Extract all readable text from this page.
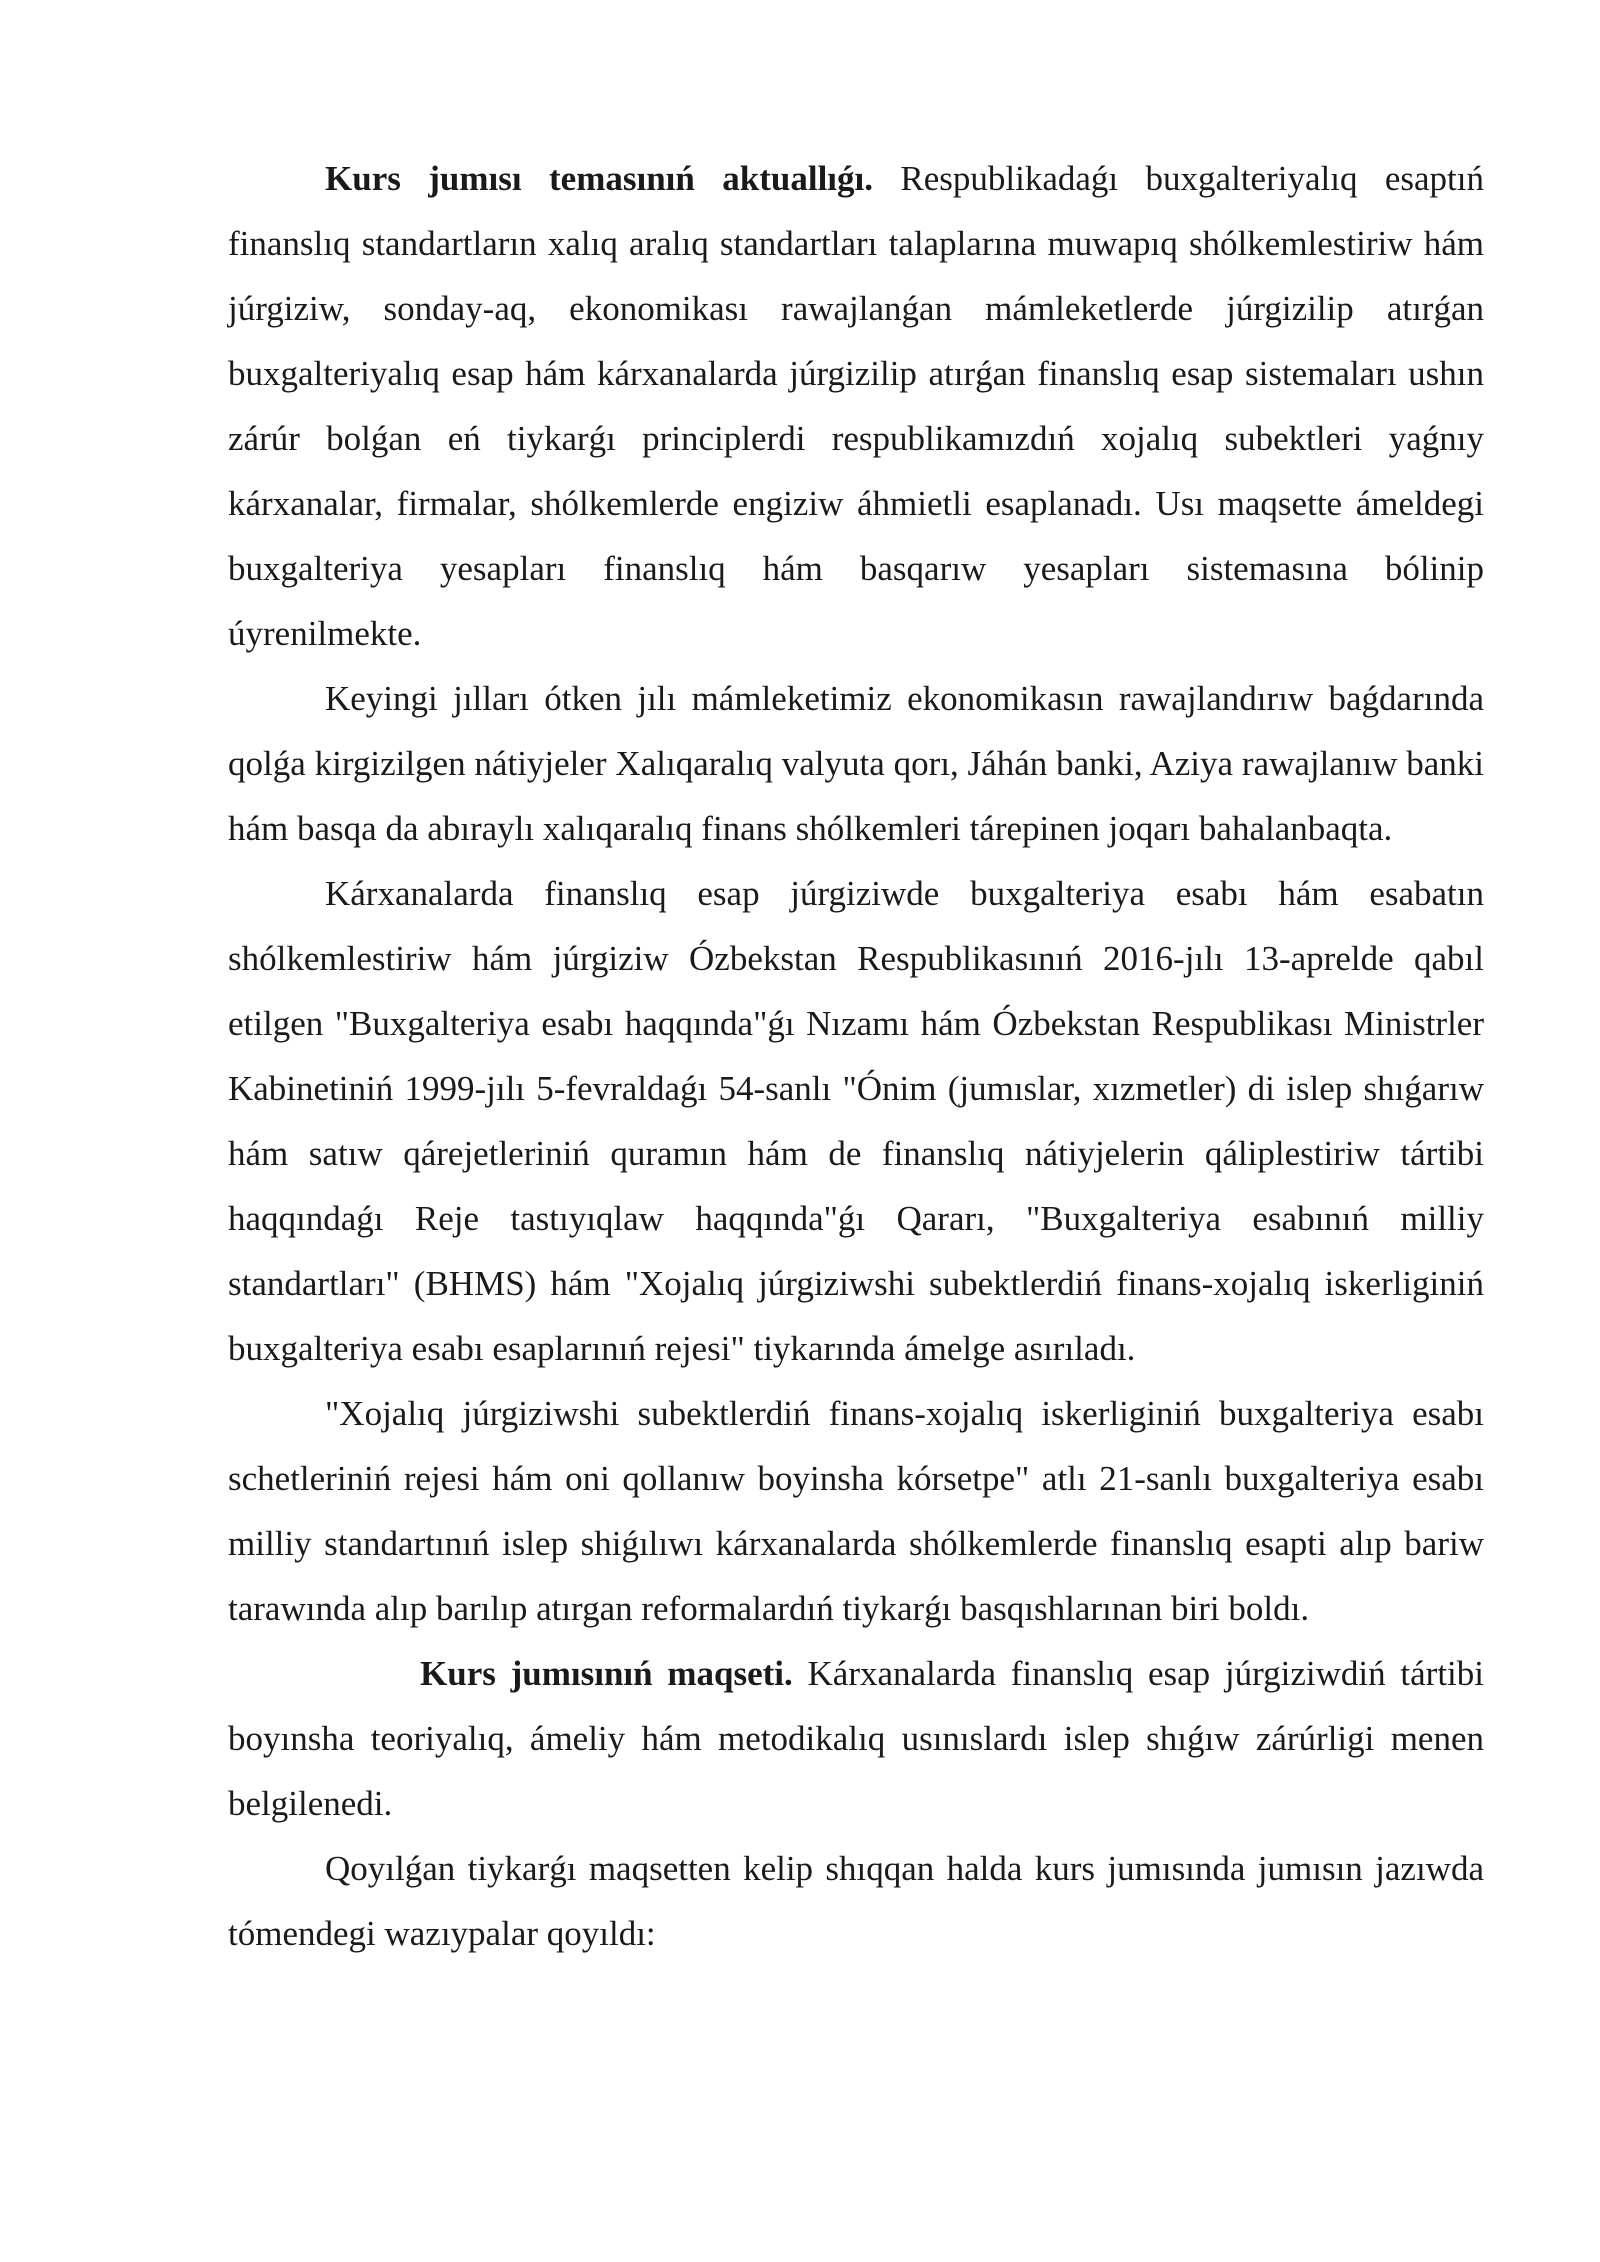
Kurs jumısı temasınıń aktuallıǵı. Respublikadaǵı buxgalteriyalıq esaptıń finanslıq standartların xalıq aralıq standartları talaplarına muwapıq shólkemlestiriw hám júrgiziw, sonday-aq, ekonomikası rawajlanǵan mámleketlerde júrgizilip atırǵan buxgalteriyalıq esap hám kárxanalarda júrgizilip atırǵan finanslıq esap sistemaları ushın zárúr bolǵan eń tiykarǵı principlerdi respublikamızdıń xojalıq subektleri yaǵnıy kárxanalar, firmalar, shólkemlerde engiziw áhmietli esaplanadı. Usı maqsette ámeldegi buxgalteriya yesapları finanslıq hám basqarıw yesapları sistemasına bólinip úyrenilmekte.

Keyingi jılları ótken jılı mámleketimiz ekonomikasın rawajlandırıw baǵdarında qolǵa kirgizilgen nátiyjeler Xalıqaralıq valyuta qorı, Jáhán banki, Aziya rawajlanıw banki hám basqa da abıraylı xalıqaralıq finans shólkemleri tárepinen joqarı bahalanbaqta.

Kárxanalarda finanslıq esap júrgiziwde buxgalteriya esabı hám esabatın shólkemlestiriw hám júrgiziw Ózbekstan Respublikasınıń 2016-jılı 13-aprelde qabıl etilgen "Buxgalteriya esabı haqqında"ǵı Nızamı hám Ózbekstan Respublikası Ministrler Kabinetiniń 1999-jılı 5-fevraldaǵı 54-sanlı "Ónim (jumıslar, xızmetler) di islep shıǵarıw hám satıw qárejetleriniń quramın hám de finanslıq nátiyjelerin qáliplestiriw tártibi haqqındaǵı Reje tastıyıqlaw haqqında"ǵı Qararı, "Buxgalteriya esabınıń milliy standartları" (BHMS) hám "Xojalıq júrgiziwshi subektlerdiń finans-xojalıq iskerliginiń buxgalteriya esabı esaplarınıń rejesi" tiykarında ámelge asırıladı.

"Xojalıq júrgiziwshi subektlerdiń finans-xojalıq iskerliginiń buxgalteriya esabı schetleriniń rejesi hám oni qollanıw boyinsha kórsetpe" atlı 21-sanlı buxgalteriya esabı milliy standartınıń islep shiǵılıwı kárxanalarda shólkemlerde finanslıq esapti alıp bariw tarawında alıp barılıp atırgan reformalardıń tiykarǵı basqıshlarınan biri boldı.

Kurs jumısınıń maqseti. Kárxanalarda finanslıq esap júrgiziwdiń tártibi boyınsha teoriyalıq, ámeliy hám metodikalıq usınıslardı islep shıǵıw zárúrligi menen belgilenedi.

Qoyılǵan tiykarǵı maqsetten kelip shıqqan halda kurs jumısında jumısın jazıwda tómendegi wazıypalar qoyıldı:
